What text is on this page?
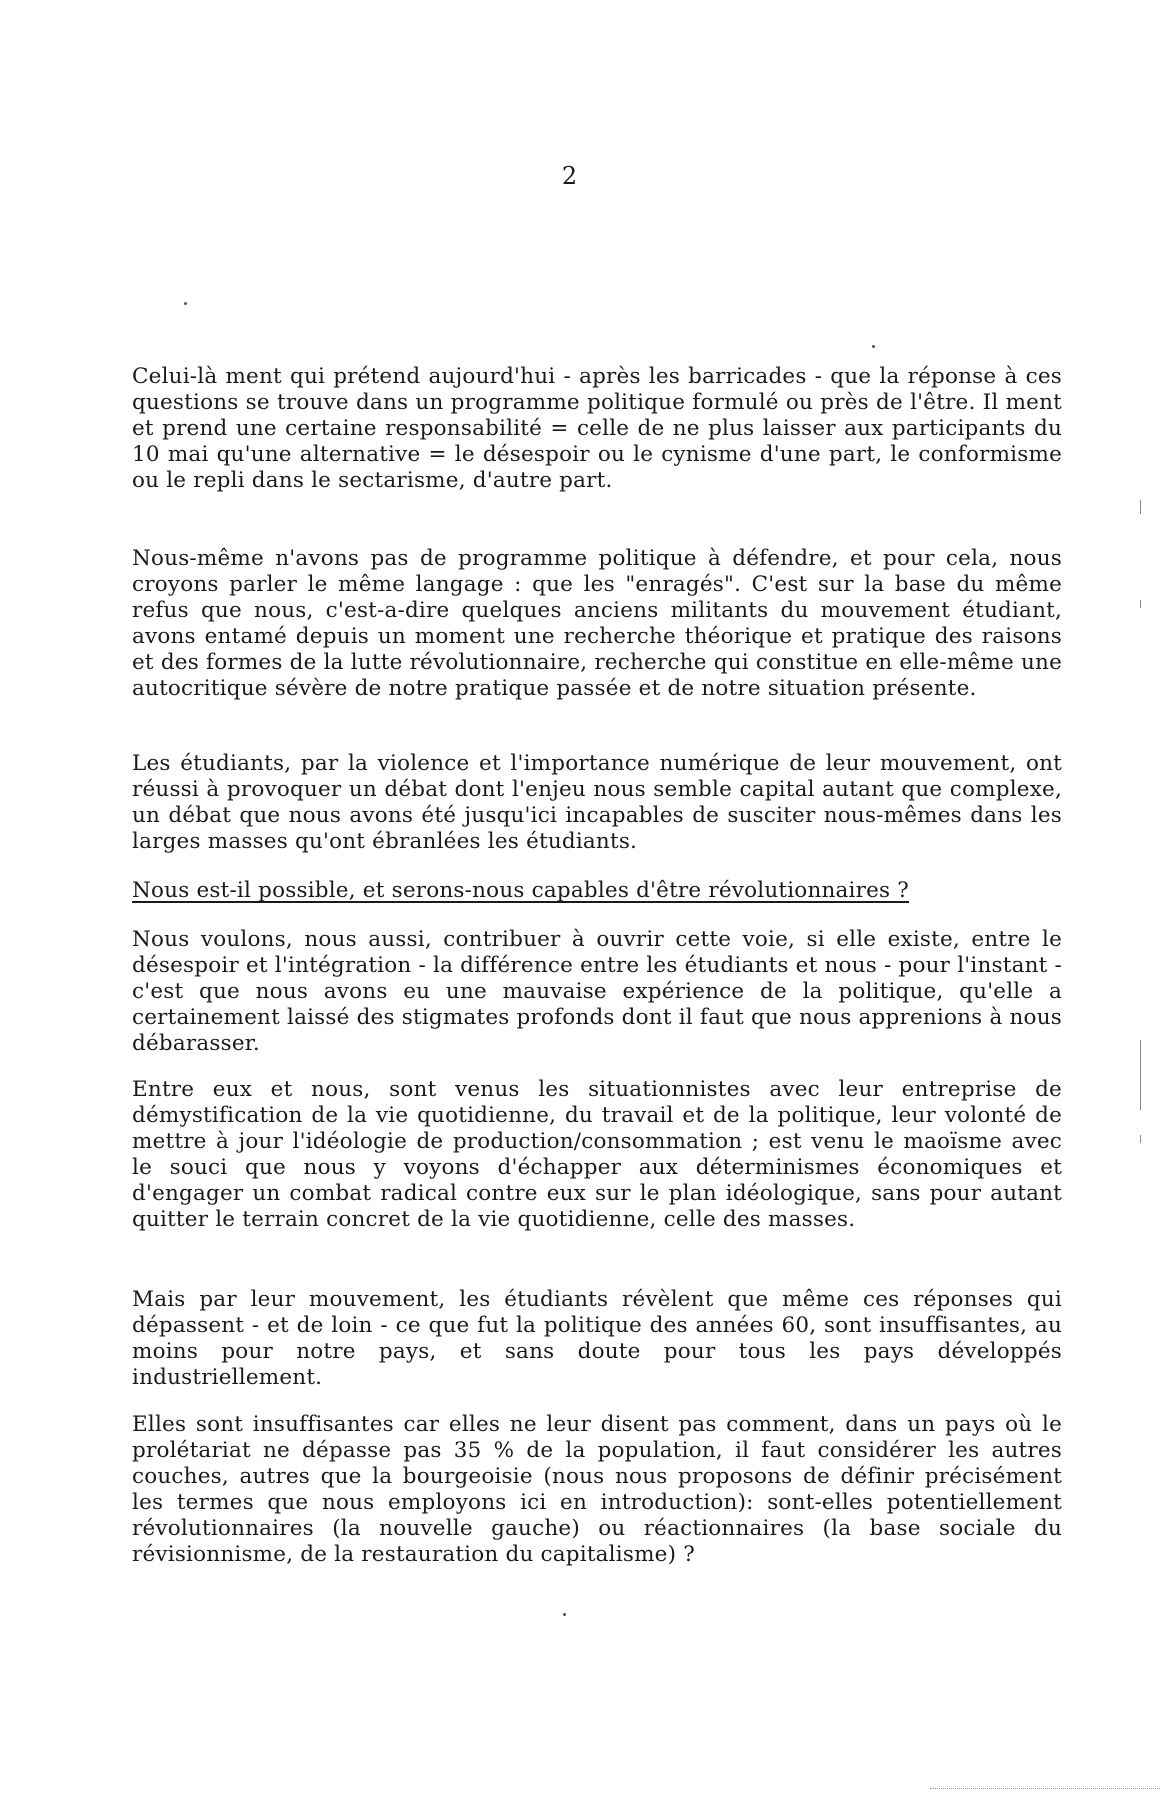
2

Celui-là ment qui prétend aujourd'hui - après les barricades - que la réponse à ces questions se trouve dans un programme politique formulé ou près de l'être. Il ment et prend une certaine responsabilité = celle de ne plus laisser aux participants du 10 mai qu'une alternative = le désespoir ou le cynisme d'une part, le conformisme ou le repli dans le sectarisme, d'autre part.

Nous-même n'avons pas de programme politique à défendre, et pour cela, nous croyons parler le même langage : que les "enragés". C'est sur la base du même refus que nous, c'est-a-dire quelques anciens militants du mouvement étudiant, avons entamé depuis un moment une recherche théorique et pratique des raisons et des formes de la lutte révolutionnaire, recherche qui constitue en elle-même une autocritique sévère de notre pratique passée et de notre situation présente.

Les étudiants, par la violence et l'importance numérique de leur mouvement, ont réussi à provoquer un débat dont l'enjeu nous semble capital autant que complexe, un débat que nous avons été jusqu'ici incapables de susciter nous-mêmes dans les larges masses qu'ont ébranlées les étudiants.

Nous est-il possible, et serons-nous capables d'être révolutionnaires ?

Nous voulons, nous aussi, contribuer à ouvrir cette voie, si elle existe, entre le désespoir et l'intégration - la différence entre les étudiants et nous - pour l'instant - c'est que nous avons eu une mauvaise expérience de la politique, qu'elle a certainement laissé des stigmates profonds dont il faut que nous apprenions à nous débarasser.

Entre eux et nous, sont venus les situationnistes avec leur entreprise de démystification de la vie quotidienne, du travail et de la politique, leur volonté de mettre à jour l'idéologie de production/consommation ; est venu le maoïsme avec le souci que nous y voyons d'échapper aux déterminismes économiques et d'engager un combat radical contre eux sur le plan idéologique, sans pour autant quitter le terrain concret de la vie quotidienne, celle des masses.

Mais par leur mouvement, les étudiants révèlent que même ces réponses qui dépassent - et de loin - ce que fut la politique des années 60, sont insuffisantes, au moins pour notre pays, et sans doute pour tous les pays développés industriellement.

Elles sont insuffisantes car elles ne leur disent pas comment, dans un pays où le prolétariat ne dépasse pas 35 % de la population, il faut considérer les autres couches, autres que la bourgeoisie (nous nous proposons de définir précisément les termes que nous employons ici en introduction): sont-elles potentiellement révolutionnaires (la nouvelle gauche) ou réactionnaires (la base sociale du révisionnisme, de la restauration du capitalisme) ?
